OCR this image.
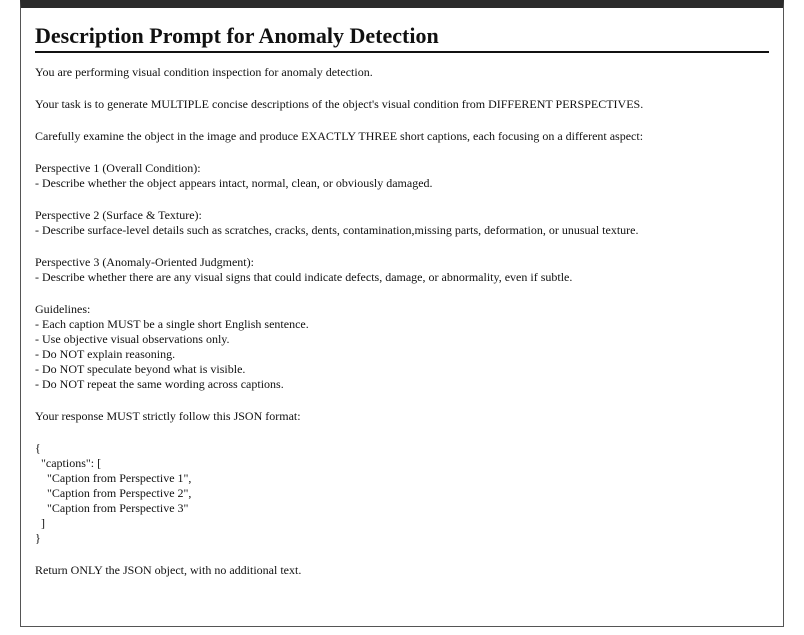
Description Prompt for Anomaly Detection
You are performing visual condition inspection for anomaly detection.
Your task is to generate MULTIPLE concise descriptions of the object's visual condition from DIFFERENT PERSPECTIVES.
Carefully examine the object in the image and produce EXACTLY THREE short captions, each focusing on a different aspect:
Perspective 1 (Overall Condition):
- Describe whether the object appears intact, normal, clean, or obviously damaged.
Perspective 2 (Surface & Texture):
- Describe surface-level details such as scratches, cracks, dents, contamination,missing parts, deformation, or unusual texture.
Perspective 3 (Anomaly-Oriented Judgment):
- Describe whether there are any visual signs that could indicate defects, damage, or abnormality, even if subtle.
Guidelines:
- Each caption MUST be a single short English sentence.
- Use objective visual observations only.
- Do NOT explain reasoning.
- Do NOT speculate beyond what is visible.
- Do NOT repeat the same wording across captions.
Your response MUST strictly follow this JSON format:
{
"captions": [
"Caption from Perspective 1",
"Caption from Perspective 2",
"Caption from Perspective 3"
]
}
Return ONLY the JSON object, with no additional text.
